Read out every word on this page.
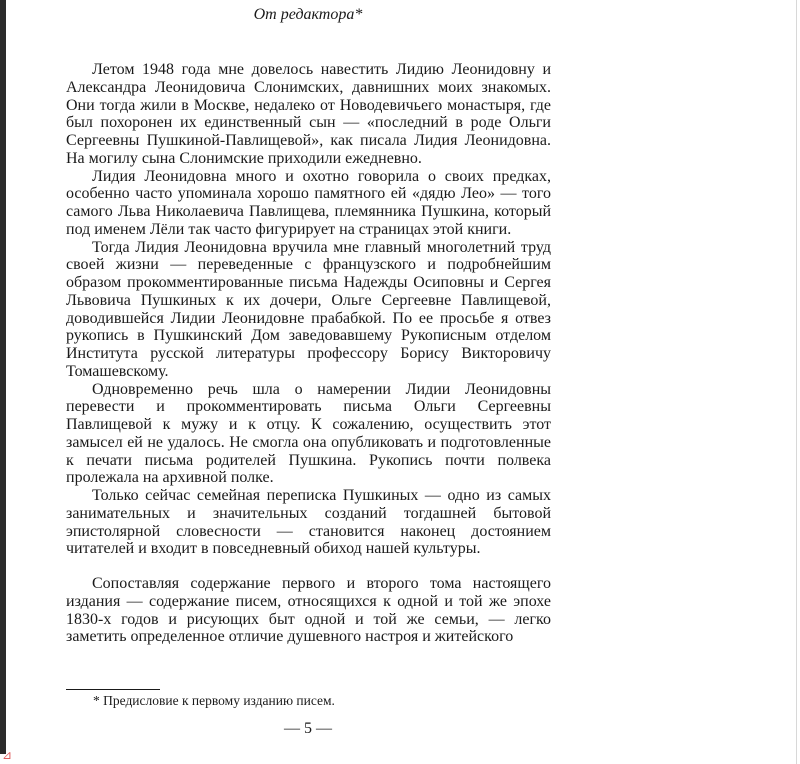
От редактора*

Летом 1948 года мне довелось навестить Лидию Леонидовну и Александра Леонидовича Слонимских, давнишних моих знакомых. Они тогда жили в Москве, недалеко от Новодевичьего монастыря, где был похоронен их единственный сын — «последний в роде Ольги Сергеевны Пушкиной-Павлищевой», как писала Лидия Леонидовна. На могилу сына Слонимские приходили ежедневно.

Лидия Леонидовна много и охотно говорила о своих предках, особенно часто упоминала хорошо памятного ей «дядю Лео» — того самого Льва Николаевича Павлищева, племянника Пушкина, который под именем Лёли так часто фигурирует на страницах этой книги.

Тогда Лидия Леонидовна вручила мне главный многолетний труд своей жизни — переведенные с французского и подробнейшим образом прокомментированные письма Надежды Осиповны и Сергея Львовича Пушкиных к их дочери, Ольге Сергеевне Павлищевой, доводившейся Лидии Леонидовне прабабкой. По ее просьбе я отвез рукопись в Пушкинский Дом заведовавшему Рукописным отделом Института русской литературы профессору Борису Викторовичу Томашевскому.

Одновременно речь шла о намерении Лидии Леонидовны перевести и прокомментировать письма Ольги Сергеевны Павлищевой к мужу и к отцу. К сожалению, осуществить этот замысел ей не удалось. Не смогла она опубликовать и подготовленные к печати письма родителей Пушкина. Рукопись почти полвека пролежала на архивной полке.

Только сейчас семейная переписка Пушкиных — одно из самых занимательных и значительных созданий тогдашней бытовой эпистолярной словесности — становится наконец достоянием читателей и входит в повседневный обиход нашей культуры.

Сопоставляя содержание первого и второго тома настоящего издания — содержание писем, относящихся к одной и той же эпохе 1830-х годов и рисующих быт одной и той же семьи, — легко заметить определенное отличие душевного настроя и житейского

* Предисловие к первому изданию писем.
— 5 —
⊿
